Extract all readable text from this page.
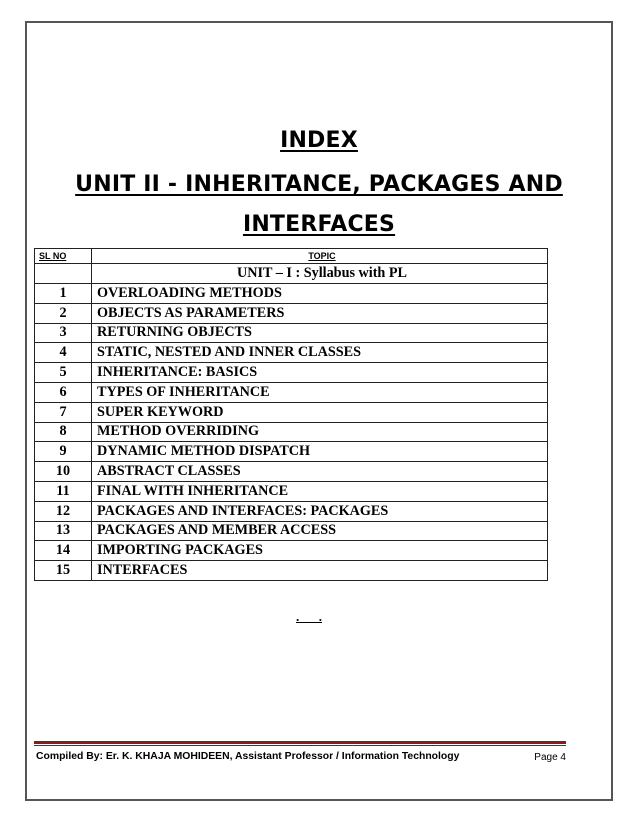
INDEX
UNIT II - INHERITANCE, PACKAGES AND
INTERFACES
SL NO	TOPIC
	UNIT – I : Syllabus with PL
1	OVERLOADING METHODS
2	OBJECTS AS PARAMETERS
3	RETURNING OBJECTS
4	STATIC, NESTED AND INNER CLASSES
5	INHERITANCE: BASICS
6	TYPES OF INHERITANCE
7	SUPER KEYWORD
8	METHOD OVERRIDING
9	DYNAMIC METHOD DISPATCH
10	ABSTRACT CLASSES
11	FINAL WITH INHERITANCE
12	PACKAGES AND INTERFACES: PACKAGES
13	PACKAGES AND MEMBER ACCESS
14	IMPORTING PACKAGES
15	INTERFACES
.___.
Compiled By: Er. K. KHAJA MOHIDEEN, Assistant Professor / Information Technology	Page 4
